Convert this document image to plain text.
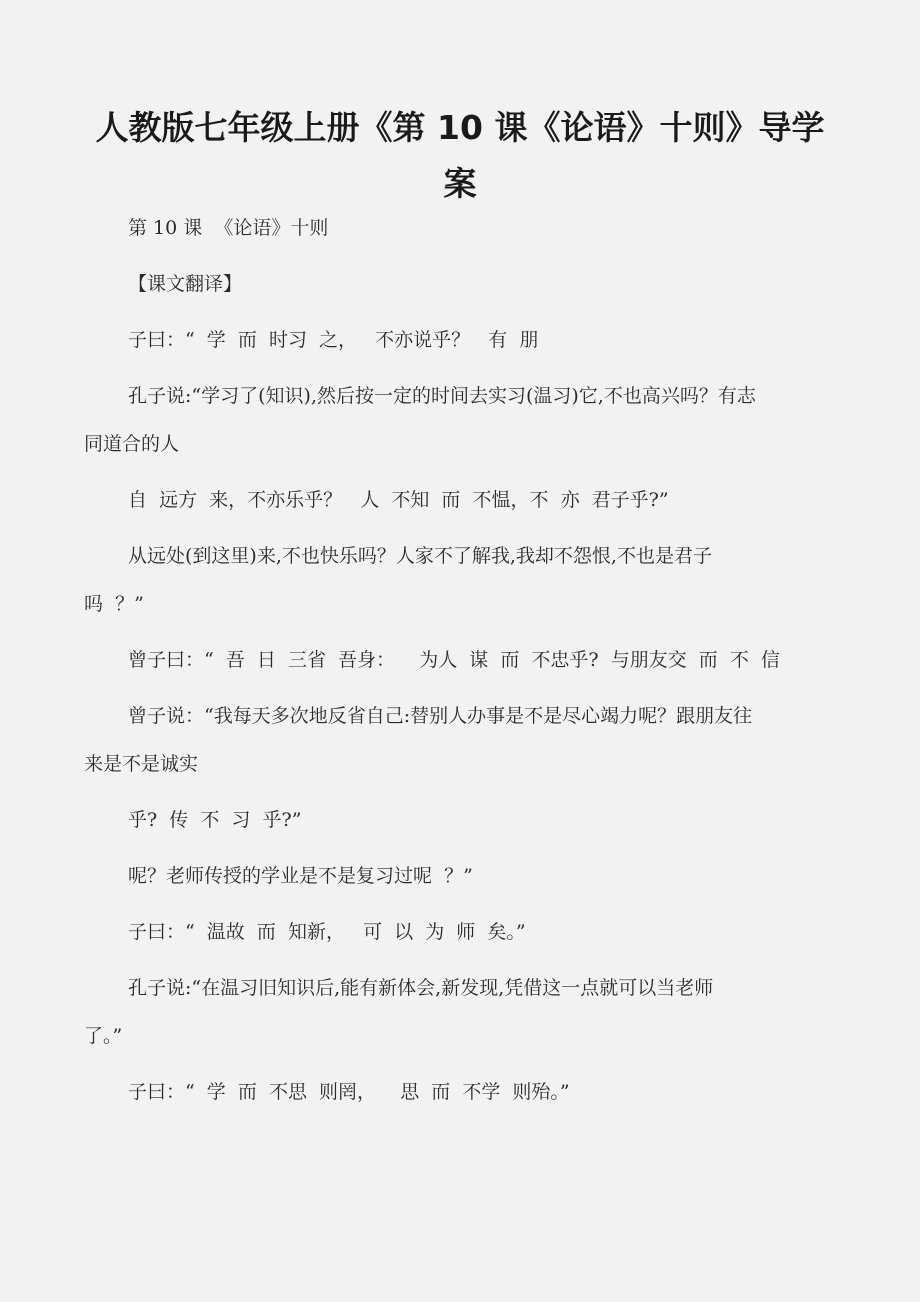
人教版七年级上册《第 10 课《论语》十则》导学
案

第 10 课  《论语》十则

【课文翻译】

子曰：“  学  而  时习  之，   不亦说乎？   有  朋

孔子说:“学习了(知识),然后按一定的时间去实习(温习)它,不也高兴吗？有志

同道合的人

自  远方  来，不亦乐乎？   人  不知  而  不愠，不  亦  君子乎?”

从远处(到这里)来,不也快乐吗？人家不了解我,我却不怨恨,不也是君子

吗  ？”

曾子曰：“  吾  日  三省  吾身：    为人  谋  而  不忠乎?  与朋友交  而  不  信

曾子说：“我每天多次地反省自己:替别人办事是不是尽心竭力呢？跟朋友往

来是不是诚实

乎?  传  不  习  乎?”

呢？老师传授的学业是不是复习过呢  ？”

子曰：“  温故  而  知新，   可  以  为  师  矣。”

孔子说:“在温习旧知识后,能有新体会,新发现,凭借这一点就可以当老师

了。”

子曰：“  学  而  不思  则罔，    思  而  不学  则殆。”
